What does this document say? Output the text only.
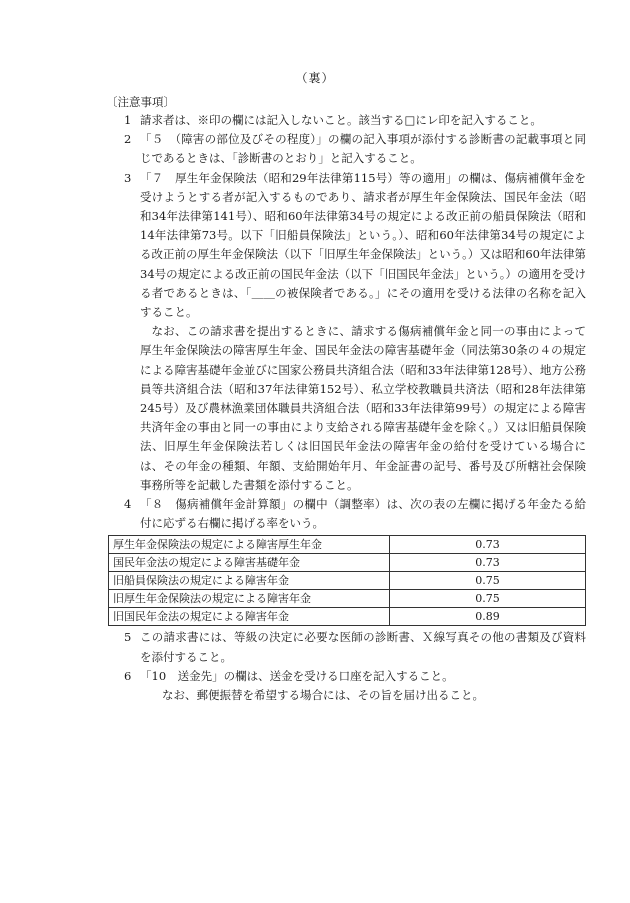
（裏）
〔注意事項〕
1 請求者は、※印の欄には記入しないこと。該当する□にレ印を記入すること。

2 「５　（障害の部位及びその程度）」の欄の記入事項が添付する診断書の記載事項と同じであるときは、「診断書のとおり」と記入すること。

3 「７　厚生年金保険法（昭和29年法律第115号）等の適用」の欄は、傷病補償年金を受けようとする者が記入するものであり、請求者が厚生年金保険法、国民年金法（昭和34年法律第141号）、昭和60年法律第34号の規定による改正前の船員保険法（昭和14年法律第73号。以下「旧船員保険法」という。）、昭和60年法律第34号の規定による改正前の厚生年金保険法（以下「旧厚生年金保険法」という。）又は昭和60年法律第34号の規定による改正前の国民年金法（以下「旧国民年金法」という。）の適用を受ける者であるときは、「＿＿の被保険者である。」にその適用を受ける法律の名称を記入すること。

なお、この請求書を提出するときに、請求する傷病補償年金と同一の事由によって厚生年金保険法の障害厚生年金、国民年金法の障害基礎年金（同法第30条の４の規定による障害基礎年金並びに国家公務員共済組合法（昭和33年法律第128号）、地方公務員等共済組合法（昭和37年法律第152号）、私立学校教職員共済法（昭和28年法律第245号）及び農林漁業団体職員共済組合法（昭和33年法律第99号）の規定による障害共済年金の事由と同一の事由により支給される障害基礎年金を除く。）又は旧船員保険法、旧厚生年金保険法若しくは旧国民年金法の障害年金の給付を受けている場合には、その年金の種類、年額、支給開始年月、年金証書の記号、番号及び所轄社会保険事務所等を記載した書類を添付すること。

4 「８　傷病補償年金計算額」の欄中（調整率）は、次の表の左欄に掲げる年金たる給付に応ずる右欄に掲げる率をいう。

厚生年金保険法の規定による障害厚生年金	0.73
国民年金法の規定による障害基礎年金	0.73
旧船員保険法の規定による障害年金	0.75
旧厚生年金保険法の規定による障害年金	0.75
旧国民年金法の規定による障害年金	0.89
5 この請求書には、等級の決定に必要な医師の診断書、Ｘ線写真その他の書類及び資料を添付すること。

6 「10　送金先」の欄は、送金を受ける口座を記入すること。

なお、郵便振替を希望する場合には、その旨を届け出ること。
